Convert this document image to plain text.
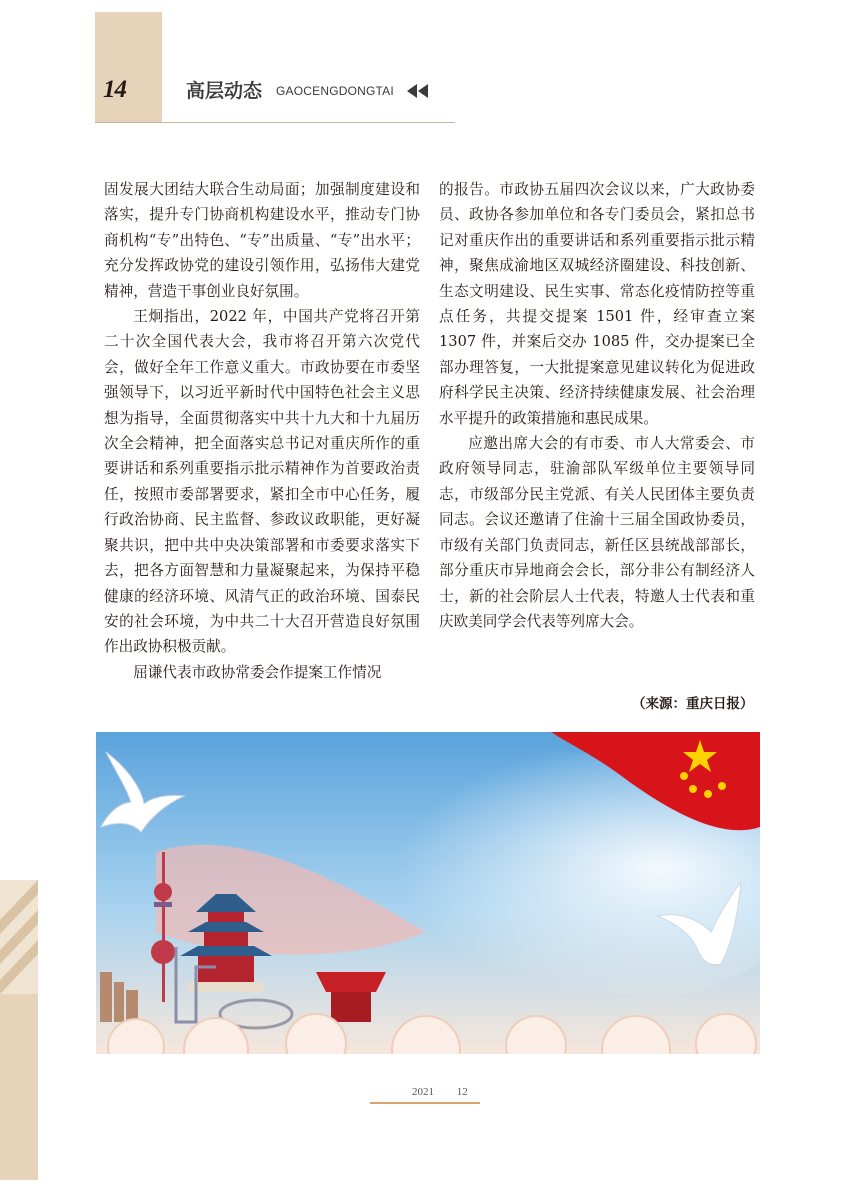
14	高层动态 GAOCENGDONGTAI

固发展大团结大联合生动局面；加强制度建设和落实，提升专门协商机构建设水平，推动专门协商机构“专”出特色、“专”出质量、“专”出水平；充分发挥政协党的建设引领作用，弘扬伟大建党精神，营造干事创业良好氛围。

王炯指出，2022 年，中国共产党将召开第二十次全国代表大会，我市将召开第六次党代会，做好全年工作意义重大。市政协要在市委坚强领导下，以习近平新时代中国特色社会主义思想为指导，全面贯彻落实中共十九大和十九届历次全会精神，把全面落实总书记对重庆所作的重要讲话和系列重要指示批示精神作为首要政治责任，按照市委部署要求，紧扣全市中心任务，履行政治协商、民主监督、参政议政职能，更好凝聚共识，把中共中央决策部署和市委要求落实下去，把各方面智慧和力量凝聚起来，为保持平稳健康的经济环境、风清气正的政治环境、国泰民安的社会环境，为中共二十大召开营造良好氛围作出政协积极贡献。

屈谦代表市政协常委会作提案工作情况

的报告。市政协五届四次会议以来，广大政协委员、政协各参加单位和各专门委员会，紧扣总书记对重庆作出的重要讲话和系列重要指示批示精神，聚焦成渝地区双城经济圈建设、科技创新、生态文明建设、民生实事、常态化疫情防控等重点任务，共提交提案 1501 件，经审查立案 1307 件，并案后交办 1085 件，交办提案已全部办理答复，一大批提案意见建议转化为促进政府科学民主决策、经济持续健康发展、社会治理水平提升的政策措施和惠民成果。

应邀出席大会的有市委、市人大常委会、市政府领导同志，驻渝部队军级单位主要领导同志，市级部分民主党派、有关人民团体主要负责同志。会议还邀请了住渝十三届全国政协委员，市级有关部门负责同志，新任区县统战部部长，部分重庆市异地商会会长，部分非公有制经济人士，新的社会阶层人士代表，特邀人士代表和重庆欧美同学会代表等列席大会。

（来源：重庆日报）
2021 12
